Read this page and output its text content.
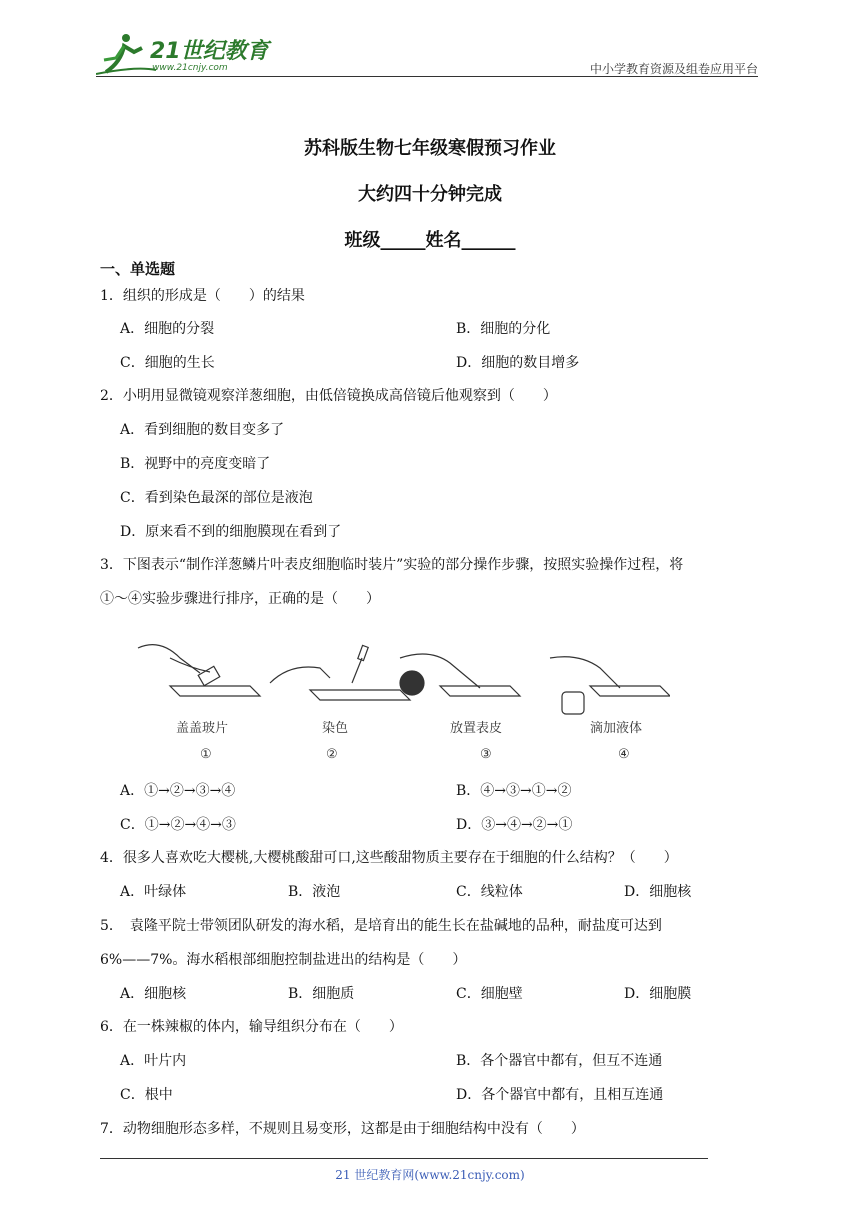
21世纪教育
www.21cnjy.com	中小学教育资源及组卷应用平台
苏科版生物七年级寒假预习作业
大约四十分钟完成
班级_____姓名______
一、单选题
1．组织的形成是（　　）的结果
A．细胞的分裂	B．细胞的分化
C．细胞的生长	D．细胞的数目增多
2．小明用显微镜观察洋葱细胞，由低倍镜换成高倍镜后他观察到（　　）
A．看到细胞的数目变多了
B．视野中的亮度变暗了
C．看到染色最深的部位是液泡
D．原来看不到的细胞膜现在看到了
3．下图表示“制作洋葱鳞片叶表皮细胞临时装片”实验的部分操作步骤，按照实验操作过程，将
①～④实验步骤进行排序，正确的是（　　）
盖盖玻片	染色	放置表皮	滴加液体
①	②	③	④
A．①→②→③→④	B．④→③→①→②
C．①→②→④→③	D．③→④→②→①
4．很多人喜欢吃大樱桃,大樱桃酸甜可口,这些酸甜物质主要存在于细胞的什么结构？（　　）
A．叶绿体	B．液泡	C．线粒体	D．细胞核
5．　袁隆平院士带领团队研发的海水稻，是培育出的能生长在盐碱地的品种，耐盐度可达到
6%——7%。海水稻根部细胞控制盐进出的结构是（　　）
A．细胞核	B．细胞质	C．细胞壁	D．细胞膜
6．在一株辣椒的体内，输导组织分布在（　　）
A．叶片内	B．各个器官中都有，但互不连通
C．根中	D．各个器官中都有，且相互连通
7．动物细胞形态多样，不规则且易变形，这都是由于细胞结构中没有（　　）
21 世纪教育网(www.21cnjy.com)
